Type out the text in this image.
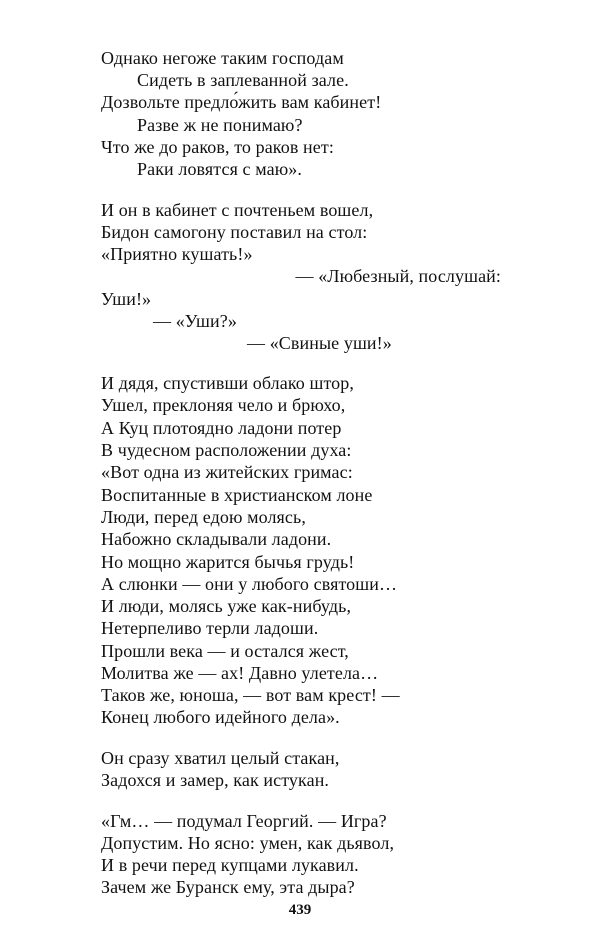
Однако негоже таким господам
Сидеть в заплеванной зале.
Дозвольте предло́жить вам кабинет!
Разве ж не понимаю?
Что же до раков, то раков нет:
Раки ловятся с маю».
И он в кабинет с почтеньем вошел,
Бидон самогону поставил на стол:
«Приятно кушать!»
— «Любезный, послушай:
Уши!»
— «Уши?»
— «Свиные уши!»
И дядя, спустивши облако штор,
Ушел, преклоняя чело и брюхо,
А Куц плотоядно ладони потер
В чудесном расположении духа:
«Вот одна из житейских гримас:
Воспитанные в христианском лоне
Люди, перед едою молясь,
Набожно складывали ладони.
Но мощно жарится бычья грудь!
А слюнки — они у любого святоши…
И люди, молясь уже как-нибудь,
Нетерпеливо терли ладоши.
Прошли века — и остался жест,
Молитва же — ах! Давно улетела…
Таков же, юноша, — вот вам крест! —
Конец любого идейного дела».
Он сразу хватил целый стакан,
Задохся и замер, как истукан.
«Гм… — подумал Георгий. — Игра?
Допустим. Но ясно: умен, как дьявол,
И в речи перед купцами лукавил.
Зачем же Буранск ему, эта дыра?
439
